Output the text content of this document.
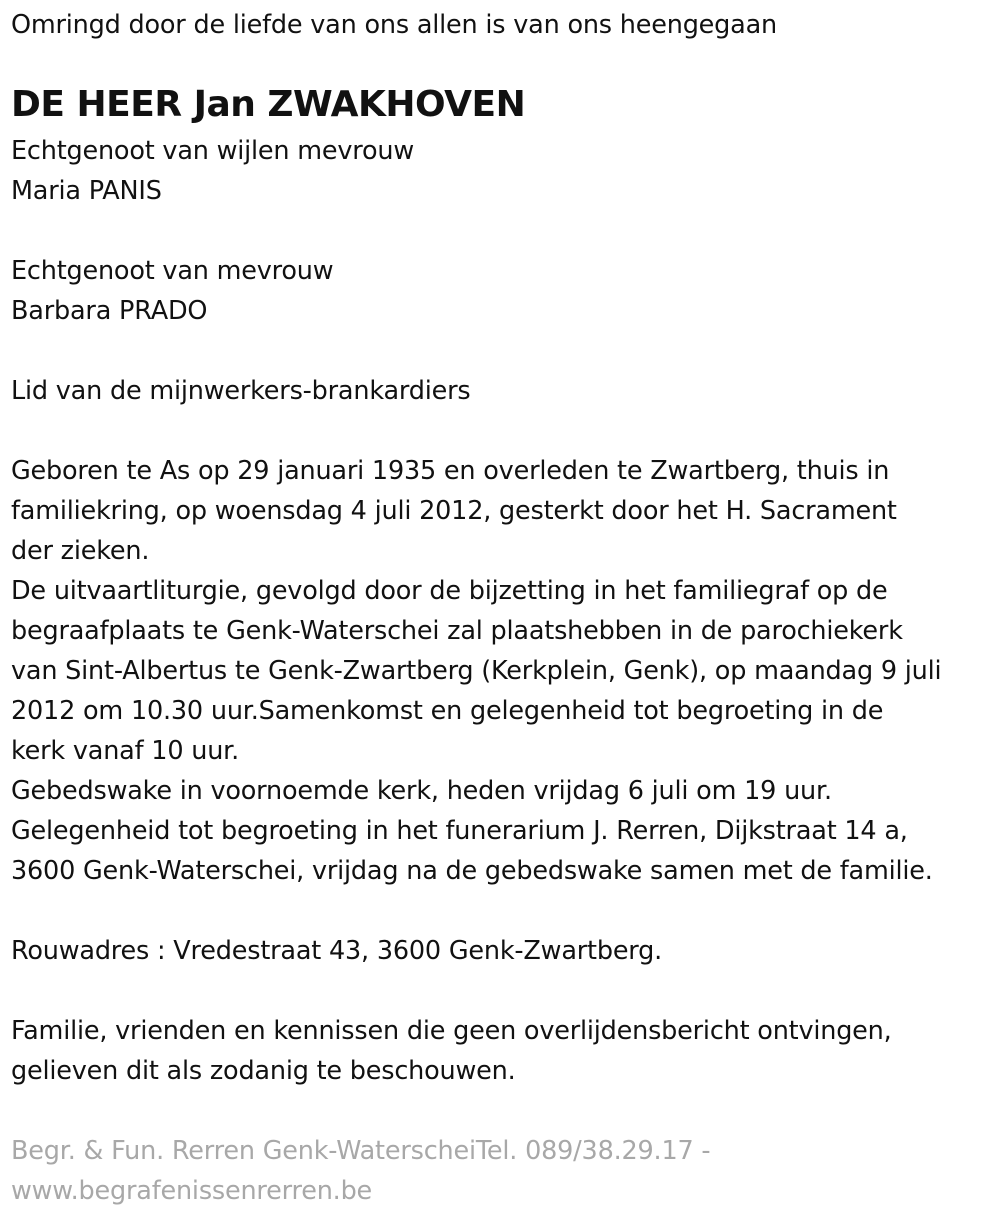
Omringd door de liefde van ons allen is van ons heengegaan

DE HEER Jan ZWAKHOVEN

Echtgenoot van wijlen mevrouw

Maria PANIS

Echtgenoot van mevrouw

Barbara PRADO

Lid van de mijnwerkers-brankardiers

Geboren te As op 29 januari 1935 en overleden te Zwartberg, thuis in

familiekring, op woensdag 4 juli 2012, gesterkt door het H. Sacrament

der zieken.

De uitvaartliturgie, gevolgd door de bijzetting in het familiegraf op de

begraafplaats te Genk-Waterschei zal plaatshebben in de parochiekerk

van Sint-Albertus te Genk-Zwartberg (Kerkplein, Genk), op maandag 9 juli

2012 om 10.30 uur.Samenkomst en gelegenheid tot begroeting in de

kerk vanaf 10 uur.

Gebedswake in voornoemde kerk, heden vrijdag 6 juli om 19 uur.

Gelegenheid tot begroeting in het funerarium J. Rerren, Dijkstraat 14 a,

3600 Genk-Waterschei, vrijdag na de gebedswake samen met de familie.

Rouwadres : Vredestraat 43, 3600 Genk-Zwartberg.

Familie, vrienden en kennissen die geen overlijdensbericht ontvingen,

gelieven dit als zodanig te beschouwen.

Begr. & Fun. Rerren Genk-WaterscheiTel. 089/38.29.17 -

www.begrafenissenrerren.be
